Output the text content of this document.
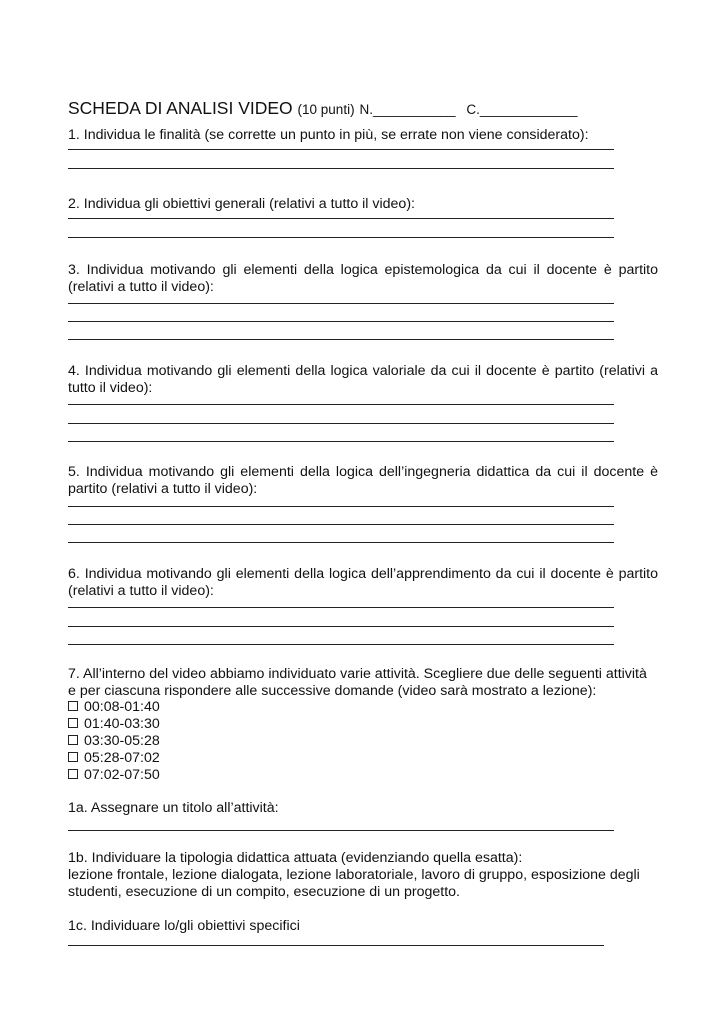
SCHEDA DI ANALISI VIDEO (10 punti) N.___________ C._____________
1. Individua le finalità (se corrette un punto in più, se errate non viene considerato):
2. Individua gli obiettivi generali (relativi a tutto il video):
3. Individua motivando gli elementi della logica epistemologica da cui il docente è partito (relativi a tutto il video):
4. Individua motivando gli elementi della logica valoriale da cui il docente è partito (relativi a tutto il video):
5. Individua motivando gli elementi della logica dell’ingegneria didattica da cui il docente è partito (relativi a tutto il video):
6. Individua motivando gli elementi della logica dell’apprendimento da cui il docente è partito (relativi a tutto il video):
7. All’interno del video abbiamo individuato varie attività. Scegliere due delle seguenti attività e per ciascuna rispondere alle successive domande (video sarà mostrato a lezione):
00:08-01:40
01:40-03:30
03:30-05:28
05:28-07:02
07:02-07:50
1a. Assegnare un titolo all’attività:
1b. Individuare la tipologia didattica attuata (evidenziando quella esatta):
lezione frontale, lezione dialogata, lezione laboratoriale, lavoro di gruppo, esposizione degli studenti, esecuzione di un compito, esecuzione di un progetto.
1c. Individuare lo/gli obiettivi specifici
